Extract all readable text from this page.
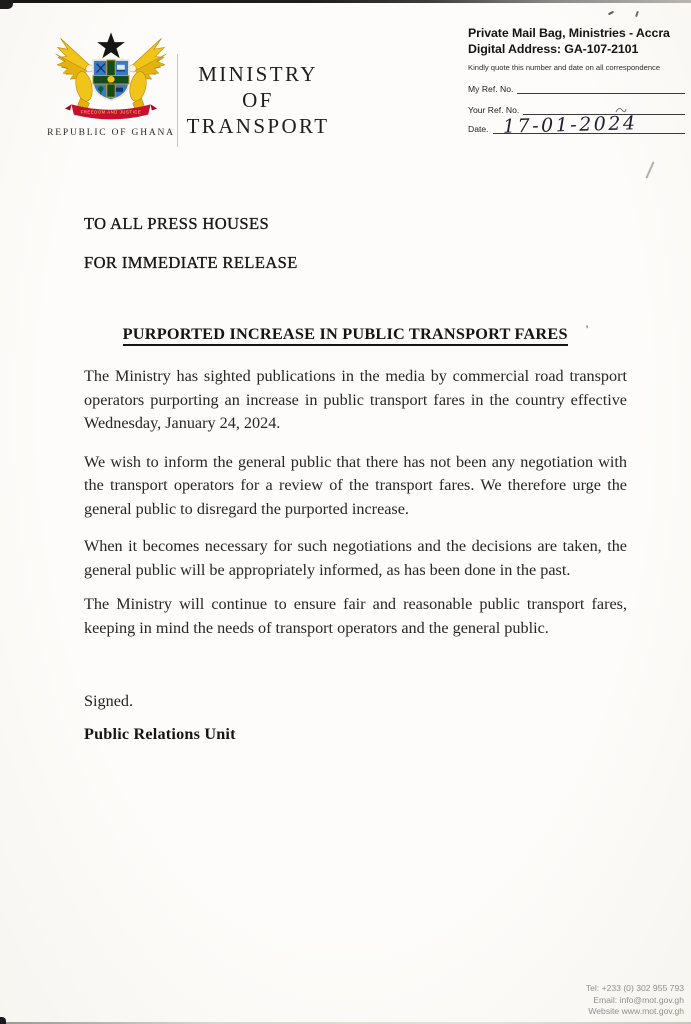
FREEDOM AND JUSTICE
REPUBLIC OF GHANA
MINISTRY
OF
TRANSPORT
Private Mail Bag, Ministries - Accra
Digital Address: GA-107-2101
Kindly quote this number and date on all correspondence
My Ref. No.
Your Ref. No.
Date. 17-01-2024

TO ALL PRESS HOUSES

FOR IMMEDIATE RELEASE

PURPORTED INCREASE IN PUBLIC TRANSPORT FARES '

The Ministry has sighted publications in the media by commercial road transport operators purporting an increase in public transport fares in the country effective Wednesday, January 24, 2024.

We wish to inform the general public that there has not been any negotiation with the transport operators for a review of the transport fares. We therefore urge the general public to disregard the purported increase.

When it becomes necessary for such negotiations and the decisions are taken, the general public will be appropriately informed, as has been done in the past.

The Ministry will continue to ensure fair and reasonable public transport fares, keeping in mind the needs of transport operators and the general public.

Signed.

Public Relations Unit

Tel: +233 (0) 302 955 793
Email: info@mot.gov.gh
Website www.mot.gov.gh
